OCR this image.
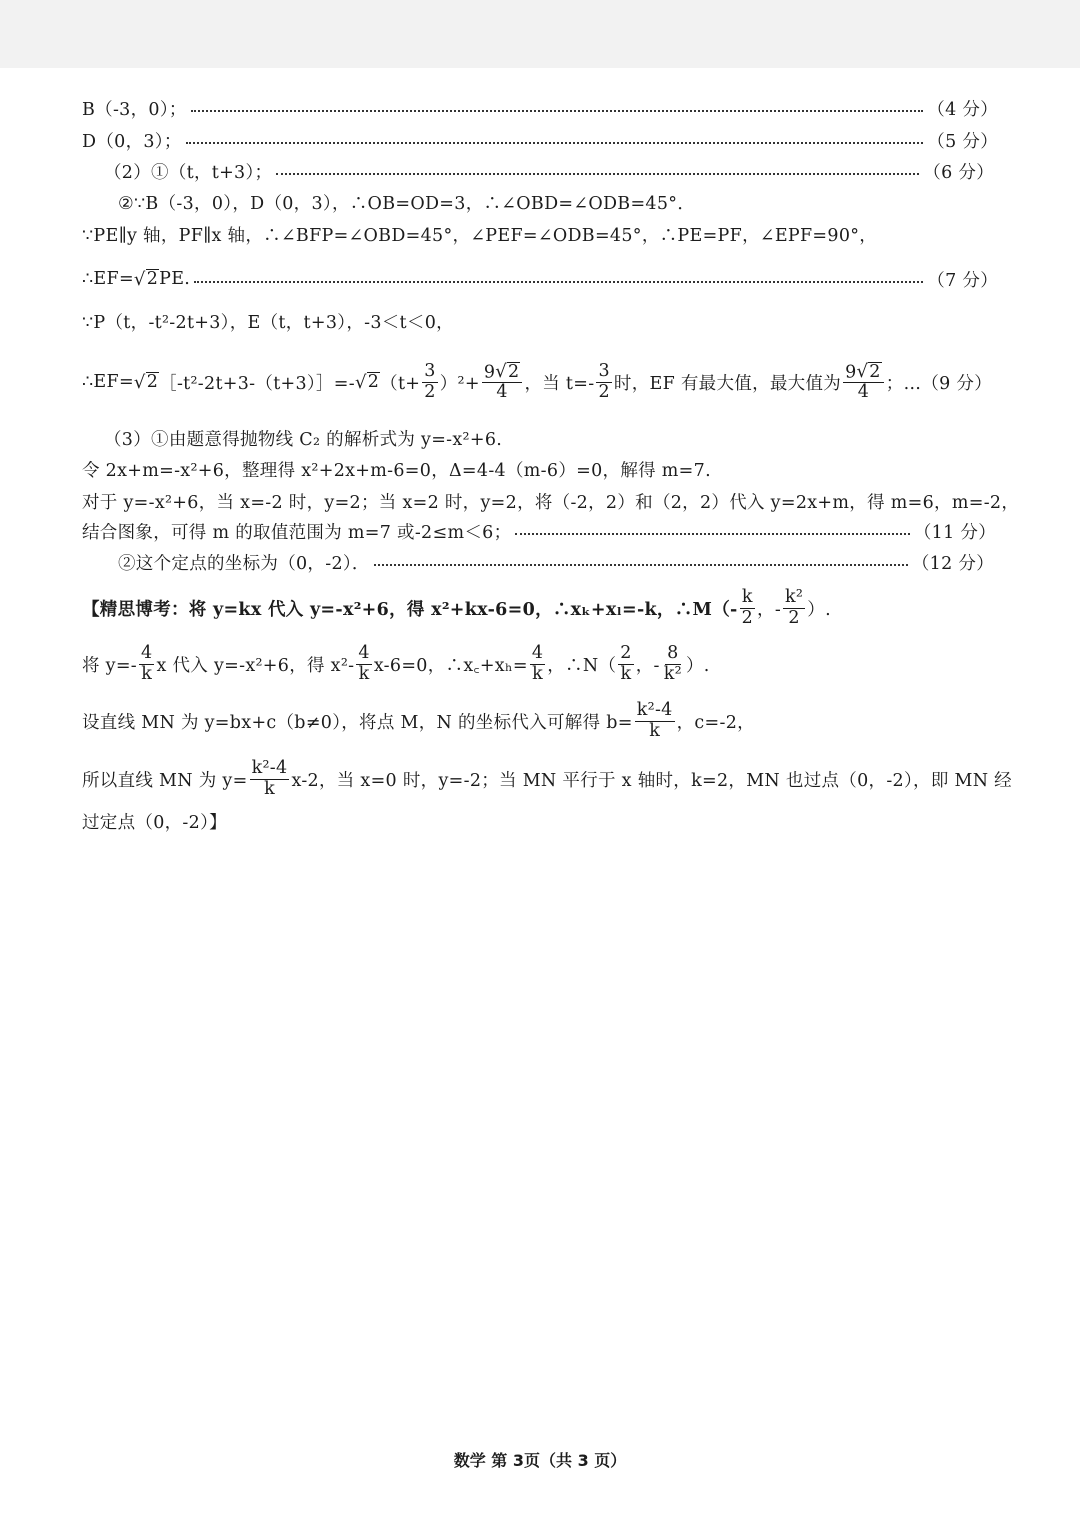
B（-3，0）；	（4 分）
D（0，3）；	（5 分）
（2）①（t，t+3）；	（6 分）
②∵B（-3，0），D（0，3），∴OB=OD=3，∴∠OBD=∠ODB=45°．
∵PE∥y 轴，PF∥x 轴，∴∠BFP=∠OBD=45°，∠PEF=∠ODB=45°，∴PE=PF，∠EPF=90°，
∴EF= √ 2 PE.	（7 分）
∵P（t，-t²-2t+3），E（t，t+3），-3＜t＜0，
∴EF= √ 2 ［-t²-2t+3-（t+3）］=- √ 2 $(t+ \frac{3}{2} )^2+ \frac{9 √ 2}{4}$ ，当 $t=- \frac{3}{2}$ 时，EF 有最大值，最大值为 $\frac{9 √ 2}{4}$ ；…（9 分）
（3）①由题意得抛物线 C₂ 的解析式为 y=-x²+6.
令 2x+m=-x²+6，整理得 x²+2x+m-6=0，Δ=4-4（m-6）=0，解得 m=7.
对于 y=-x²+6，当 x=-2 时，y=2；当 x=2 时，y=2，将（-2，2）和（2，2）代入 y=2x+m，得 m=6，m=-2，
结合图象，可得 m 的取值范围为 m=7 或-2≤m＜6；	（11 分）
②这个定点的坐标为（0，-2）．	（12 分）
【精思博考：将 y=kx 代入 y=-x²+6，得 x²+kx-6=0，∴xₖ+xₗ=-k，∴M（- $\frac{k}{2}$ ，- $\frac{\text{k²}}{2}$ ）.
将 $y=- \frac{4}{k}$ x 代入 y=-x²+6，得 $x^2- \frac{4}{k} x-6=0$，∴x꜀+xₕ= $\frac{4}{k}$ ，∴N（ $\frac{2}{k}$ ，- $\frac{8}{\text{k²}}$ ）.
设直线 MN 为 y=bx+c（b≠0），将点 M，N 的坐标代入可解得 $b= \frac{\text{k²-4}}{k}$ ，c=-2，
所以直线 MN 为 $y= \frac{\text{k²-4}}{k} x-2$，当 x=0 时，y=-2；当 MN 平行于 x 轴时，k=2，MN 也过点（0，-2），即 MN 经
过定点（0，-2）】
数学 第 3页（共 3 页）
